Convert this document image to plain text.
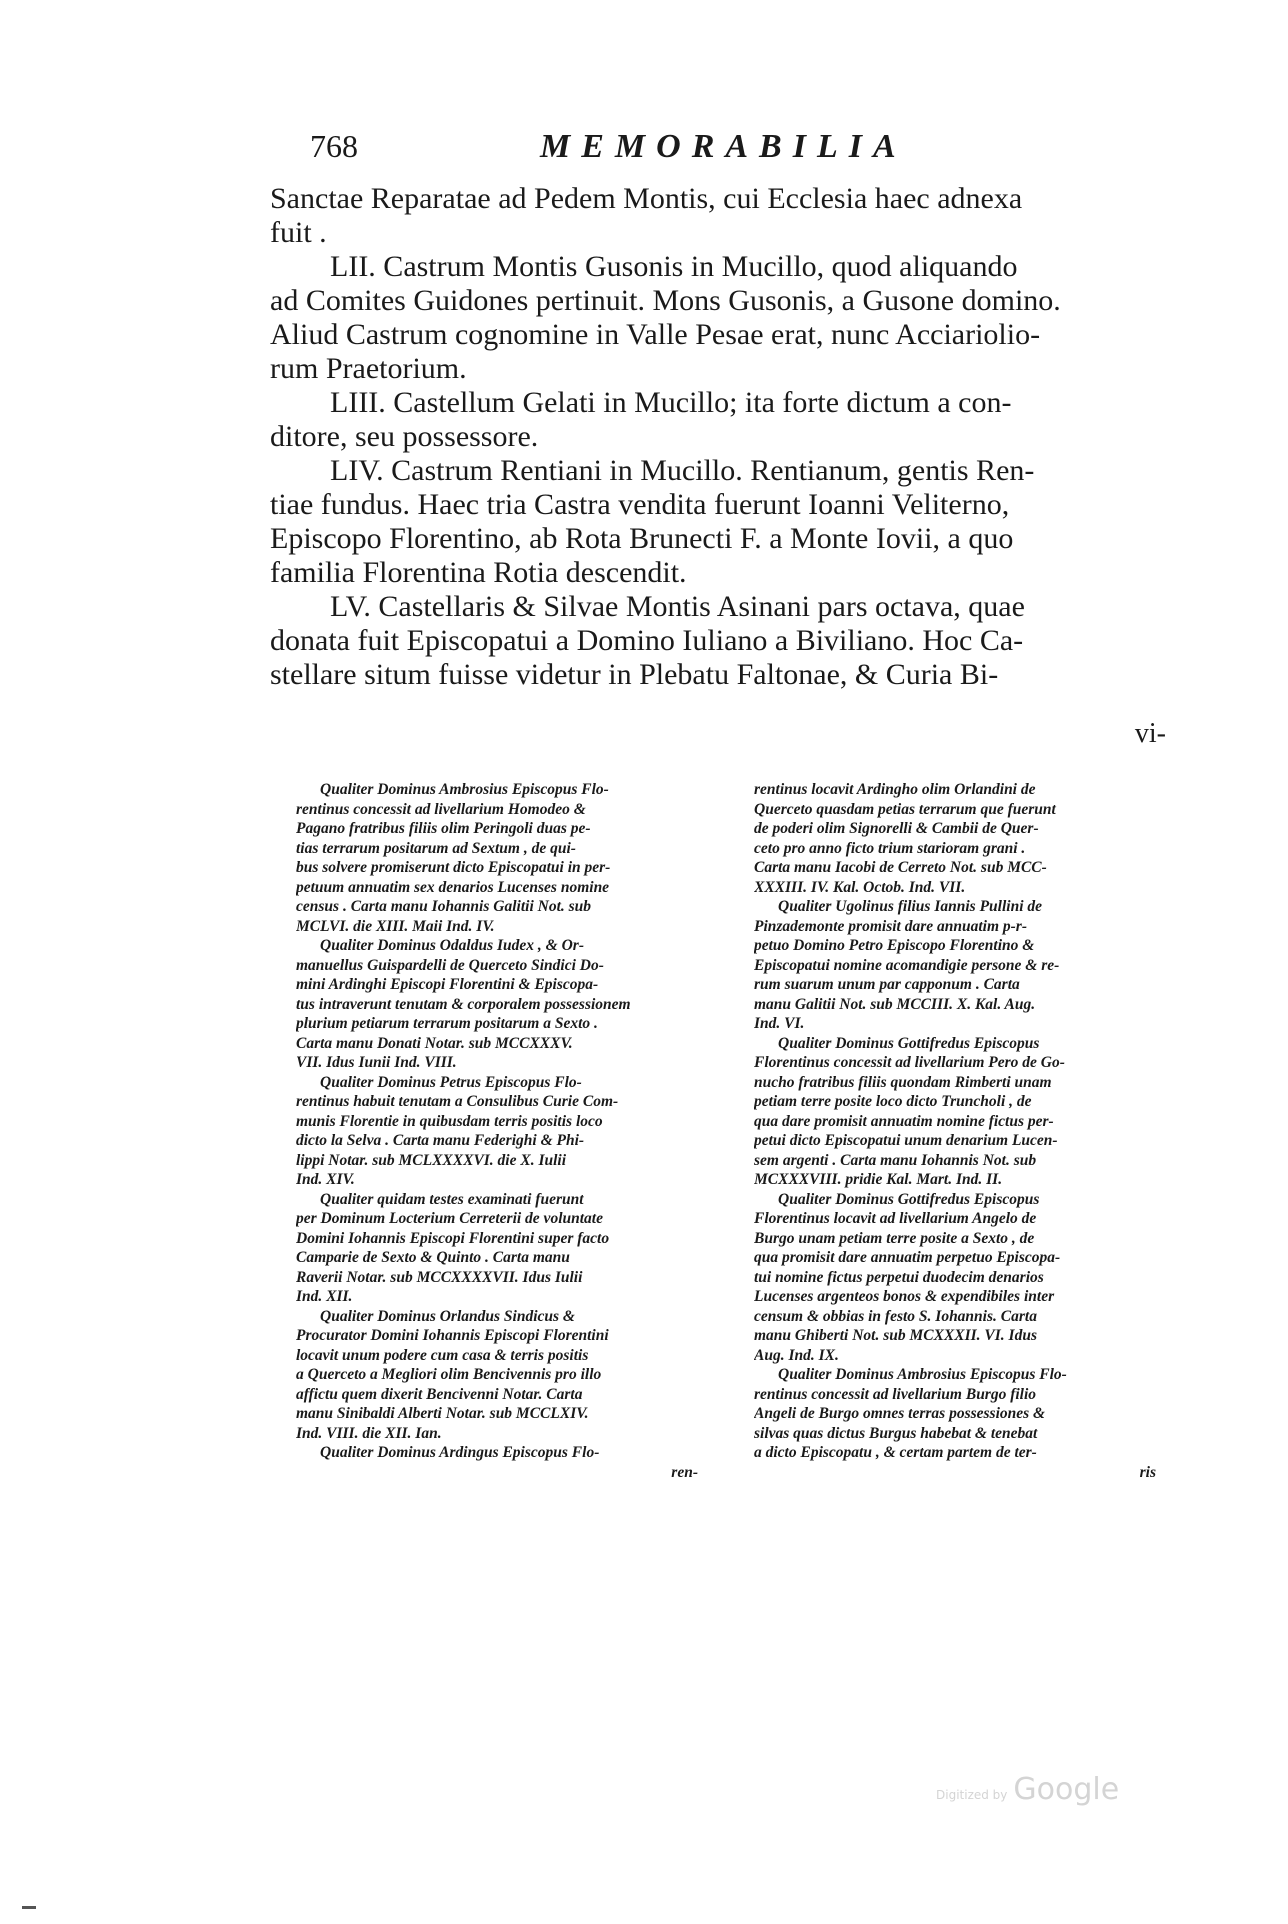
768	MEMORABILIA
Sanctae Reparatae ad Pedem Montis, cui Ecclesia haec adnexa
fuit .
  LII. Castrum Montis Gusonis in Mucillo, quod aliquando
ad Comites Guidones pertinuit. Mons Gusonis, a Gusone domino.
Aliud Castrum cognomine in Valle Pesae erat, nunc Acciariolio-
rum Praetorium.
  LIII. Castellum Gelati in Mucillo; ita forte dictum a con-
ditore, seu possessore.
  LIV. Castrum Rentiani in Mucillo. Rentianum, gentis Ren-
tiae fundus. Haec tria Castra vendita fuerunt Ioanni Veliterno,
Episcopo Florentino, ab Rota Brunecti F. a Monte Iovii, a quo
familia Florentina Rotia descendit.
  LV. Castellaris & Silvae Montis Asinani pars octava, quae
donata fuit Episcopatui a Domino Iuliano a Biviliano. Hoc Ca-
stellare situm fuisse videtur in Plebatu Faltonae, & Curia Bi-
vi-
Qualiter Dominus Ambrosius Episcopus Flo-
rentinus concessit ad livellarium Homodeo &
Pagano fratribus filiis olim Peringoli duas pe-
tias terrarum positarum ad Sextum , de qui-
bus solvere promiserunt dicto Episcopatui in per-
petuum annuatim sex denarios Lucenses nomine
census . Carta manu Iohannis Galitii Not. sub
MCLVI. die XIII. Maii Ind. IV.
Qualiter Dominus Odaldus Iudex , & Or-
manuellus Guispardelli de Querceto Sindici Do-
mini Ardinghi Episcopi Florentini & Episcopa-
tus intraverunt tenutam & corporalem possessionem
plurium petiarum terrarum positarum a Sexto .
Carta manu Donati Notar. sub MCCXXXV.
VII. Idus Iunii Ind. VIII.
Qualiter Dominus Petrus Episcopus Flo-
rentinus habuit tenutam a Consulibus Curie Com-
munis Florentie in quibusdam terris positis loco
dicto la Selva . Carta manu Federighi & Phi-
lippi Notar. sub MCLXXXXVI. die X. Iulii
Ind. XIV.
Qualiter quidam testes examinati fuerunt
per Dominum Locterium Cerreterii de voluntate
Domini Iohannis Episcopi Florentini super facto
Camparie de Sexto & Quinto . Carta manu
Raverii Notar. sub MCCXXXXVII. Idus Iulii
Ind. XII.
Qualiter Dominus Orlandus Sindicus &
Procurator Domini Iohannis Episcopi Florentini
locavit unum podere cum casa & terris positis
a Querceto a Megliori olim Bencivennis pro illo
affictu quem dixerit Bencivenni Notar. Carta
manu Sinibaldi Alberti Notar. sub MCCLXIV.
Ind. VIII. die XII. Ian.
Qualiter Dominus Ardingus Episcopus Flo-
ren-
rentinus locavit Ardingho olim Orlandini de
Querceto quasdam petias terrarum que fuerunt
de poderi olim Signorelli & Cambii de Quer-
ceto pro anno ficto trium starioram grani .
Carta manu Iacobi de Cerreto Not. sub MCC-
XXXIII. IV. Kal. Octob. Ind. VII.
Qualiter Ugolinus filius Iannis Pullini de
Pinzademonte promisit dare annuatim p-r-
petuo Domino Petro Episcopo Florentino &
Episcopatui nomine acomandigie persone & re-
rum suarum unum par capponum . Carta
manu Galitii Not. sub MCCIII. X. Kal. Aug.
Ind. VI.
Qualiter Dominus Gottifredus Episcopus
Florentinus concessit ad livellarium Pero de Go-
nucho fratribus filiis quondam Rimberti unam
petiam terre posite loco dicto Truncholi , de
qua dare promisit annuatim nomine fictus per-
petui dicto Episcopatui unum denarium Lucen-
sem argenti . Carta manu Iohannis Not. sub
MCXXXVIII. pridie Kal. Mart. Ind. II.
Qualiter Dominus Gottifredus Episcopus
Florentinus locavit ad livellarium Angelo de
Burgo unam petiam terre posite a Sexto , de
qua promisit dare annuatim perpetuo Episcopa-
tui nomine fictus perpetui duodecim denarios
Lucenses argenteos bonos & expendibiles inter
censum & obbias in festo S. Iohannis. Carta
manu Ghiberti Not. sub MCXXXII. VI. Idus
Aug. Ind. IX.
Qualiter Dominus Ambrosius Episcopus Flo-
rentinus concessit ad livellarium Burgo filio
Angeli de Burgo omnes terras possessiones &
silvas quas dictus Burgus habebat & tenebat
a dicto Episcopatu , & certam partem de ter-
ris
Digitized by Google
